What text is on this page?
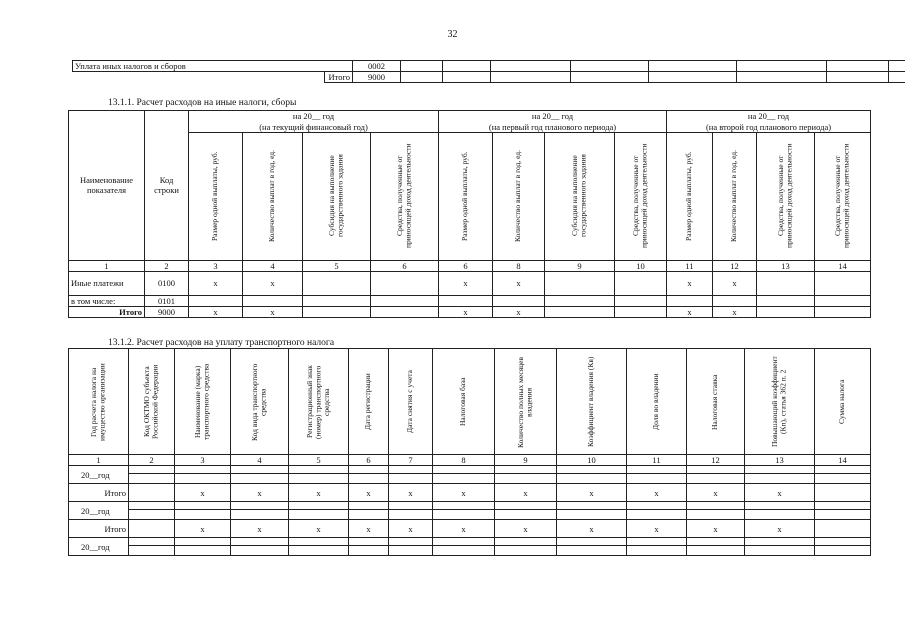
32
Уплата иных налогов и сборов		0002								
	Итого	9000								
13.1.1. Расчет расходов на иные налоги, сборы
Наименование показателя	Код строки	на 20__ год				на 20__ год				на 20__ год			
		(на текущий финансовый год)				(на первый год планового периода)				(на второй год планового периода)			

		Размер одной выплаты, руб.	Количество выплат в год, ед.	Субсидия на выполнение государственного задания	Средства, полученные от приносящей доход деятельности	Размер одной выплаты, руб.	Количество выплат в год, ед.	Субсидия на выполнение государственного задания	Средства, полученные от приносящей доход деятельности	Размер одной выплаты, руб.	Количество выплат в год, ед.	Средства, полученные от приносящей доход деятельности	Средства, полученные от приносящей доход деятельности

1	2	3	4	5	6	6	8	9	10	11	12	13	14
Иные платежи	0100	х	х			х	х			х	х		
в том числе:	0101												
Итого	9000	х	х			х	х			х	х		
13.1.2. Расчет расходов на уплату транспортного налога
Год расчета налога на имущество организации	Код ОКТМО субъекта Российской Федерации	Наименование (марка) транспортного средства	Код вида транспортного средства	Регистрационный знак (номер) транспортного средства	Дата регистрации	Дата снятия с учета	Налоговая база	Количество полных месяцев владения	Коэффициент владения (Кв)	Доля во владении	Налоговая ставка	Повышающий коэффициент (Кп), статья 362 п. 2	Сумма налога

1	2	3	4	5	6	7	8	9	10	11	12	13	14
20__год													

Итого		х	х	х	х	х	х	х	х	х	х	х	
20__год													

Итого		х	х	х	х	х	х	х	х	х	х	х	
20__год													
